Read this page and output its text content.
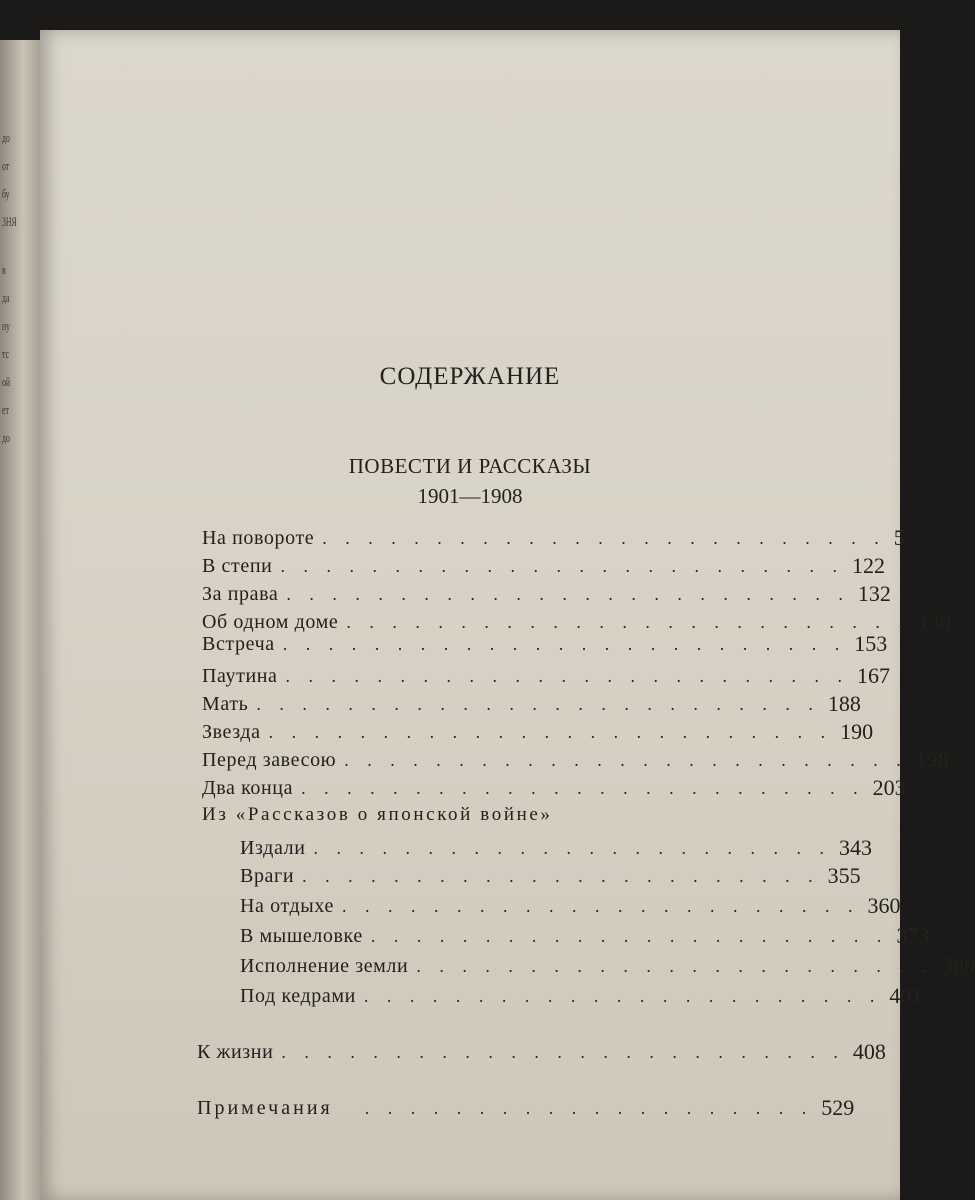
до
от
бу
ЗНЯ
в
да
ну
тс
ой
ет
до
СОДЕРЖАНИЕ
ПОВЕСТИ И РАССКАЗЫ
1901—1908
На повороте . . . . . . . . . . . . . . . . . . . . . . . . . 5
В степи . . . . . . . . . . . . . . . . . . . . . . . . . 122
За права . . . . . . . . . . . . . . . . . . . . . . . . . 132
Об одном доме . . . . . . . . . . . . . . . . . . . . . . . . . 139
Встреча . . . . . . . . . . . . . . . . . . . . . . . . . 153
Паутина . . . . . . . . . . . . . . . . . . . . . . . . . 167
Мать . . . . . . . . . . . . . . . . . . . . . . . . . 188
Звезда . . . . . . . . . . . . . . . . . . . . . . . . . 190
Перед завесою . . . . . . . . . . . . . . . . . . . . . . . . . 198
Два конца . . . . . . . . . . . . . . . . . . . . . . . . . 203
Из «Рассказов о японской войне»
Издали . . . . . . . . . . . . . . . . . . . . . . . 343
Враги . . . . . . . . . . . . . . . . . . . . . . . 355
На отдыхе . . . . . . . . . . . . . . . . . . . . . . . 360
В мышеловке . . . . . . . . . . . . . . . . . . . . . . . 373
Исполнение земли . . . . . . . . . . . . . . . . . . . . . . . 389
Под кедрами . . . . . . . . . . . . . . . . . . . . . . . 401
К жизни . . . . . . . . . . . . . . . . . . . . . . . . . 408
Примечания . . . . . . . . . . . . . . . . . . . . 529
